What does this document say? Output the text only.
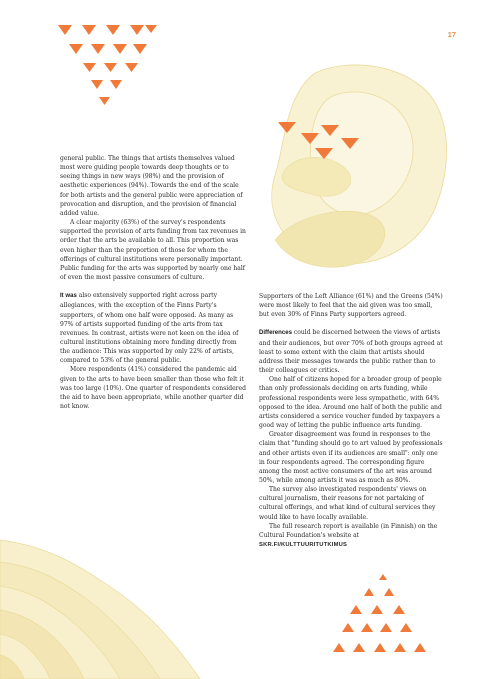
17

general public. The things that artists themselves valued most were guiding people towards deep thoughts or to seeing things in new ways (98%) and the provision of aesthetic experiences (94%). Towards the end of the scale for both artists and the general public were appreciation of provocation and disruption, and the provision of financial added value.

A clear majority (63%) of the survey's respondents supported the provision of arts funding from tax revenues in order that the arts be available to all. This proportion was even higher than the proportion of those for whom the offerings of cultural institutions were personally important. Public funding for the arts was supported by nearly one half of even the most passive consumers of culture.

It was also extensively supported right across party allegiances, with the exception of the Finns Party's supporters, of whom one half were opposed. As many as 97% of artists supported funding of the arts from tax revenues. In contrast, artists were not keen on the idea of cultural institutions obtaining more funding directly from the audience: This was supported by only 22% of artists, compared to 53% of the general public.

More respondents (41%) considered the pandemic aid given to the arts to have been smaller than those who felt it was too large (10%). One quarter of respondents considered the aid to have been appropriate, while another quarter did not know.

Supporters of the Left Alliance (61%) and the Greens (54%) were most likely to feel that the aid given was too small, but even 30% of Finns Party supporters agreed.

Differences could be discerned between the views of artists and their audiences, but over 70% of both groups agreed at least to some extent with the claim that artists should address their messages towards the public rather than to their colleagues or critics.

One half of citizens hoped for a broader group of people than only professionals deciding on arts funding, while professional respondents were less sympathetic, with 64% opposed to the idea. Around one half of both the public and artists considered a service voucher funded by taxpayers a good way of letting the public influence arts funding.

Greater disagreement was found in responses to the claim that "funding should go to art valued by professionals and other artists even if its audiences are small": only one in four respondents agreed. The corresponding figure among the most active consumers of the art was around 50%, while among artists it was as much as 80%.

The survey also investigated respondents' views on cultural journalism, their reasons for not partaking of cultural offerings, and what kind of cultural services they would like to have locally available.

The full research report is available (in Finnish) on the Cultural Foundation's website at

SKR.FI/KULTTUURITUTKIMUS
